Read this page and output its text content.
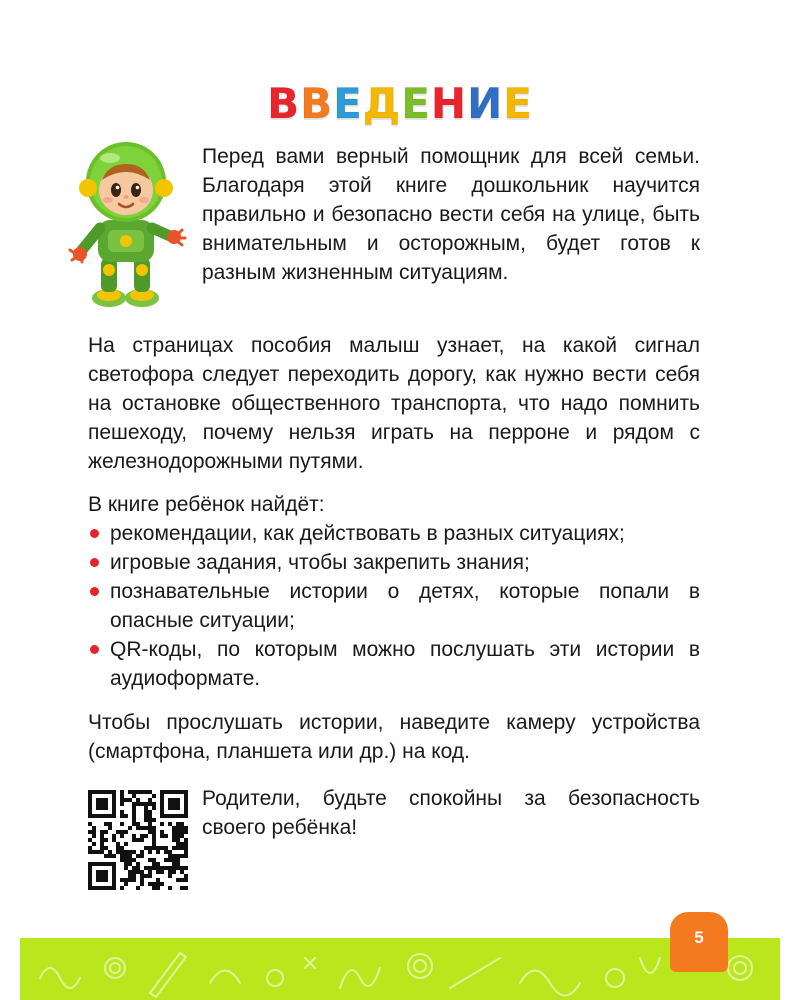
ВВЕДЕНИЕ

Перед вами верный помощник для всей семьи. Благодаря этой книге дошкольник научится правильно и безопасно вести себя на улице, быть внимательным и осторожным, будет готов к разным жизненным ситуациям.

На страницах пособия малыш узнает, на какой сигнал светофора следует переходить дорогу, как нужно вести себя на остановке общественного транспорта, что надо помнить пешеходу, почему нельзя играть на перроне и рядом с железнодорожными путями.

В книге ребёнок найдёт:

рекомендации, как действовать в разных ситуациях;
игровые задания, чтобы закрепить знания;
познавательные истории о детях, которые попали в опасные ситуации;
QR-коды, по которым можно послушать эти истории в аудиоформате.

Чтобы прослушать истории, наведите камеру устройства (смартфона, планшета или др.) на код.

Родители, будьте спокойны за безопасность своего ребёнка!

5
